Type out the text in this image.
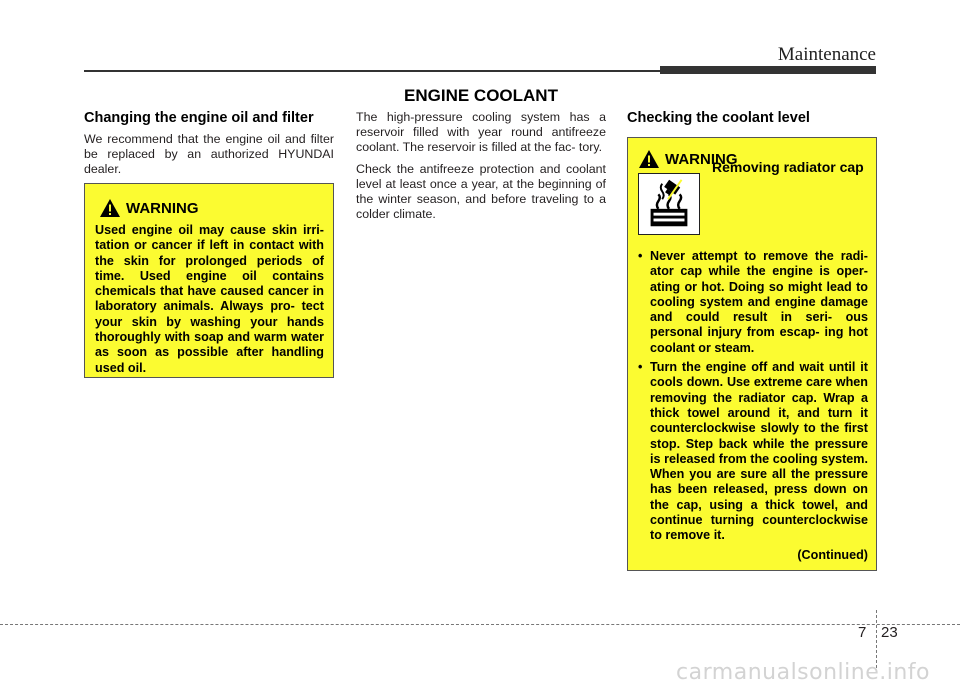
Maintenance
ENGINE COOLANT
Changing the engine oil and filter

We recommend that the engine oil and filter be replaced by an authorized HYUNDAI dealer.

WARNING

Used engine oil may cause skin irri- tation or cancer if left in contact with the skin for prolonged periods of time. Used engine oil contains chemicals that have caused cancer in laboratory animals. Always pro- tect your skin by washing your hands thoroughly with soap and warm water as soon as possible after handling used oil.

The high-pressure cooling system has a reservoir filled with year round antifreeze coolant. The reservoir is filled at the fac- tory.

Check the antifreeze protection and coolant level at least once a year, at the beginning of the winter season, and before traveling to a colder climate.

Checking the coolant level
WARNING
Removing radiator cap
• Never attempt to remove the radi- ator cap while the engine is oper- ating or hot. Doing so might lead to cooling system and engine damage and could result in seri- ous personal injury from escap- ing hot coolant or steam.
• Turn the engine off and wait until it cools down. Use extreme care when removing the radiator cap. Wrap a thick towel around it, and turn it counterclockwise slowly to the first stop. Step back while the pressure is released from the cooling system. When you are sure all the pressure has been released, press down on the cap, using a thick towel, and continue turning counterclockwise to remove it.
(Continued)
7 23
carmanualsonline.info
